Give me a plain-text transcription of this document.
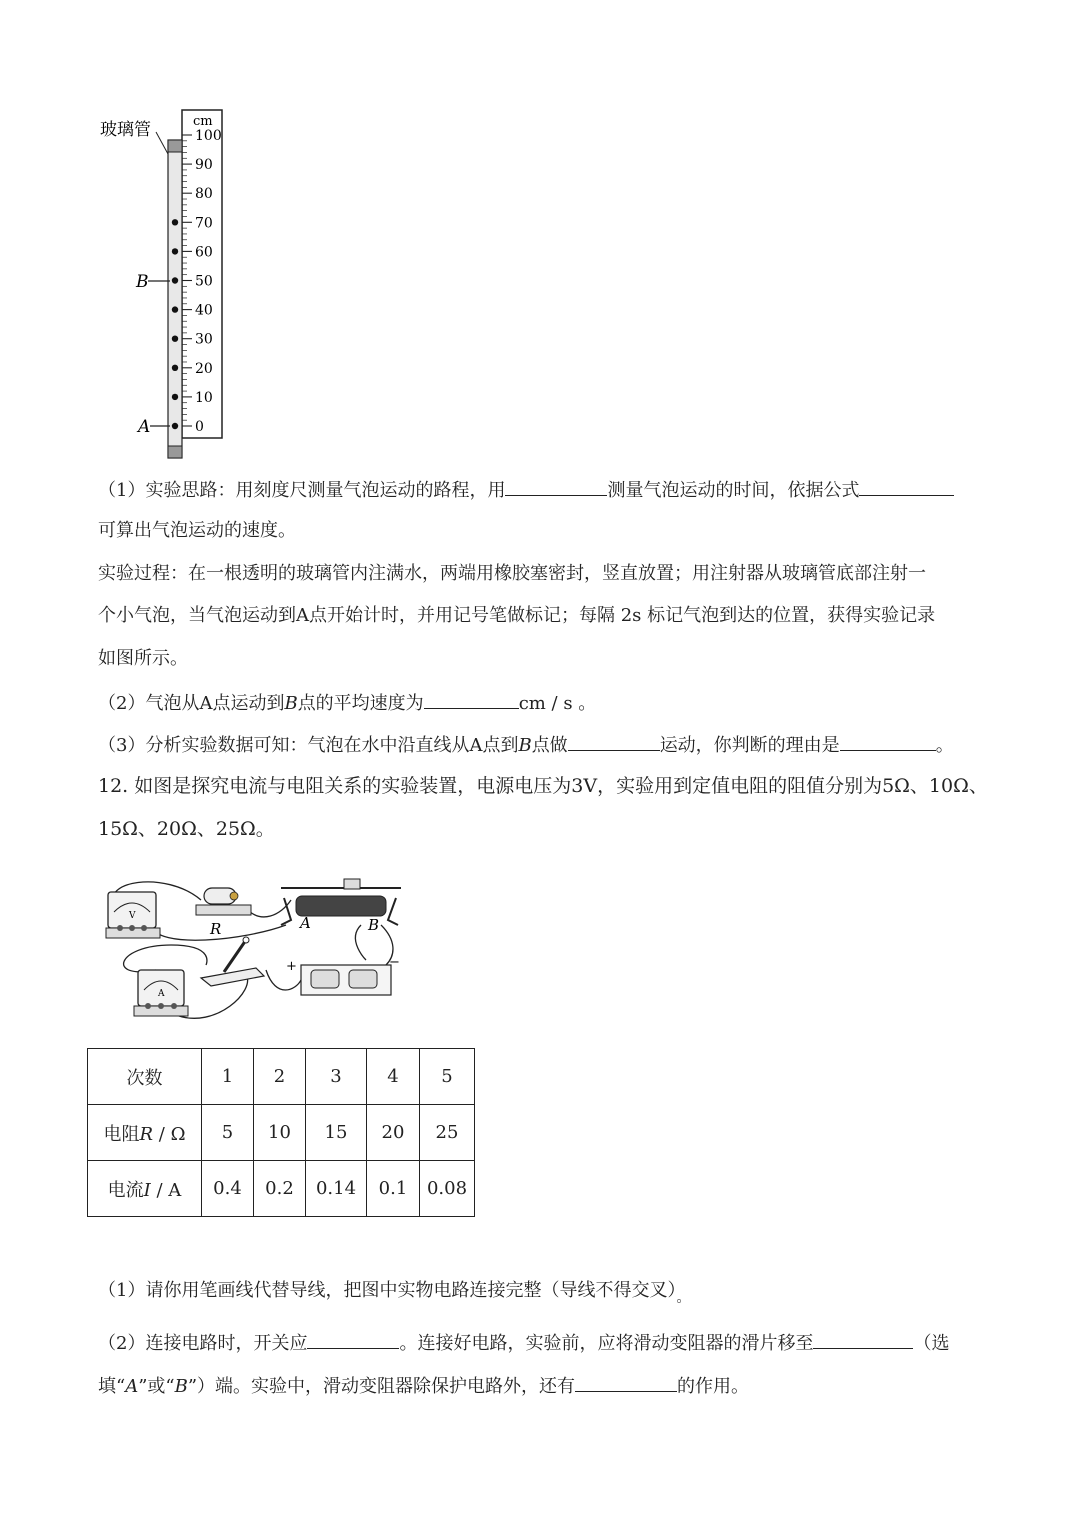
玻璃管	cm
100
90
80
70
60
50
40
30
20
10
0
B
A
（1）实验思路：用刻度尺测量气泡运动的路程，用	测量气泡运动的时间，依据公式
可算出气泡运动的速度。
实验过程：在一根透明的玻璃管内注满水，两端用橡胶塞密封，竖直放置；用注射器从玻璃管底部注射一
个小气泡，当气泡运动到A点开始计时，并用记号笔做标记；每隔 2s 标记气泡到达的位置，获得实验记录
如图所示。
（2）气泡从A点运动到B点的平均速度为	cm / s 。
（3）分析实验数据可知：气泡在水中沿直线从A点到B点做	运动，你判断的理由是	。
12. 如图是探究电流与电阻关系的实验装置，电源电压为3V，实验用到定值电阻的阻值分别为5Ω、10Ω、
15Ω、20Ω、25Ω。
V
R	A	B
+	−
A
次数	1	2	3	4	5
电阻R / Ω	5	10	15	20	25
电流I / A	0.4	0.2	0.14	0.1	0.08
（1）请你用笔画线代替导线，把图中实物电路连接完整（导线不得交叉）$_。$
（2）连接电路时，开关应	。连接好电路，实验前，应将滑动变阻器的滑片移至	（选
填“A”或“B”）端。实验中，滑动变阻器除保护电路外，还有	的作用。
